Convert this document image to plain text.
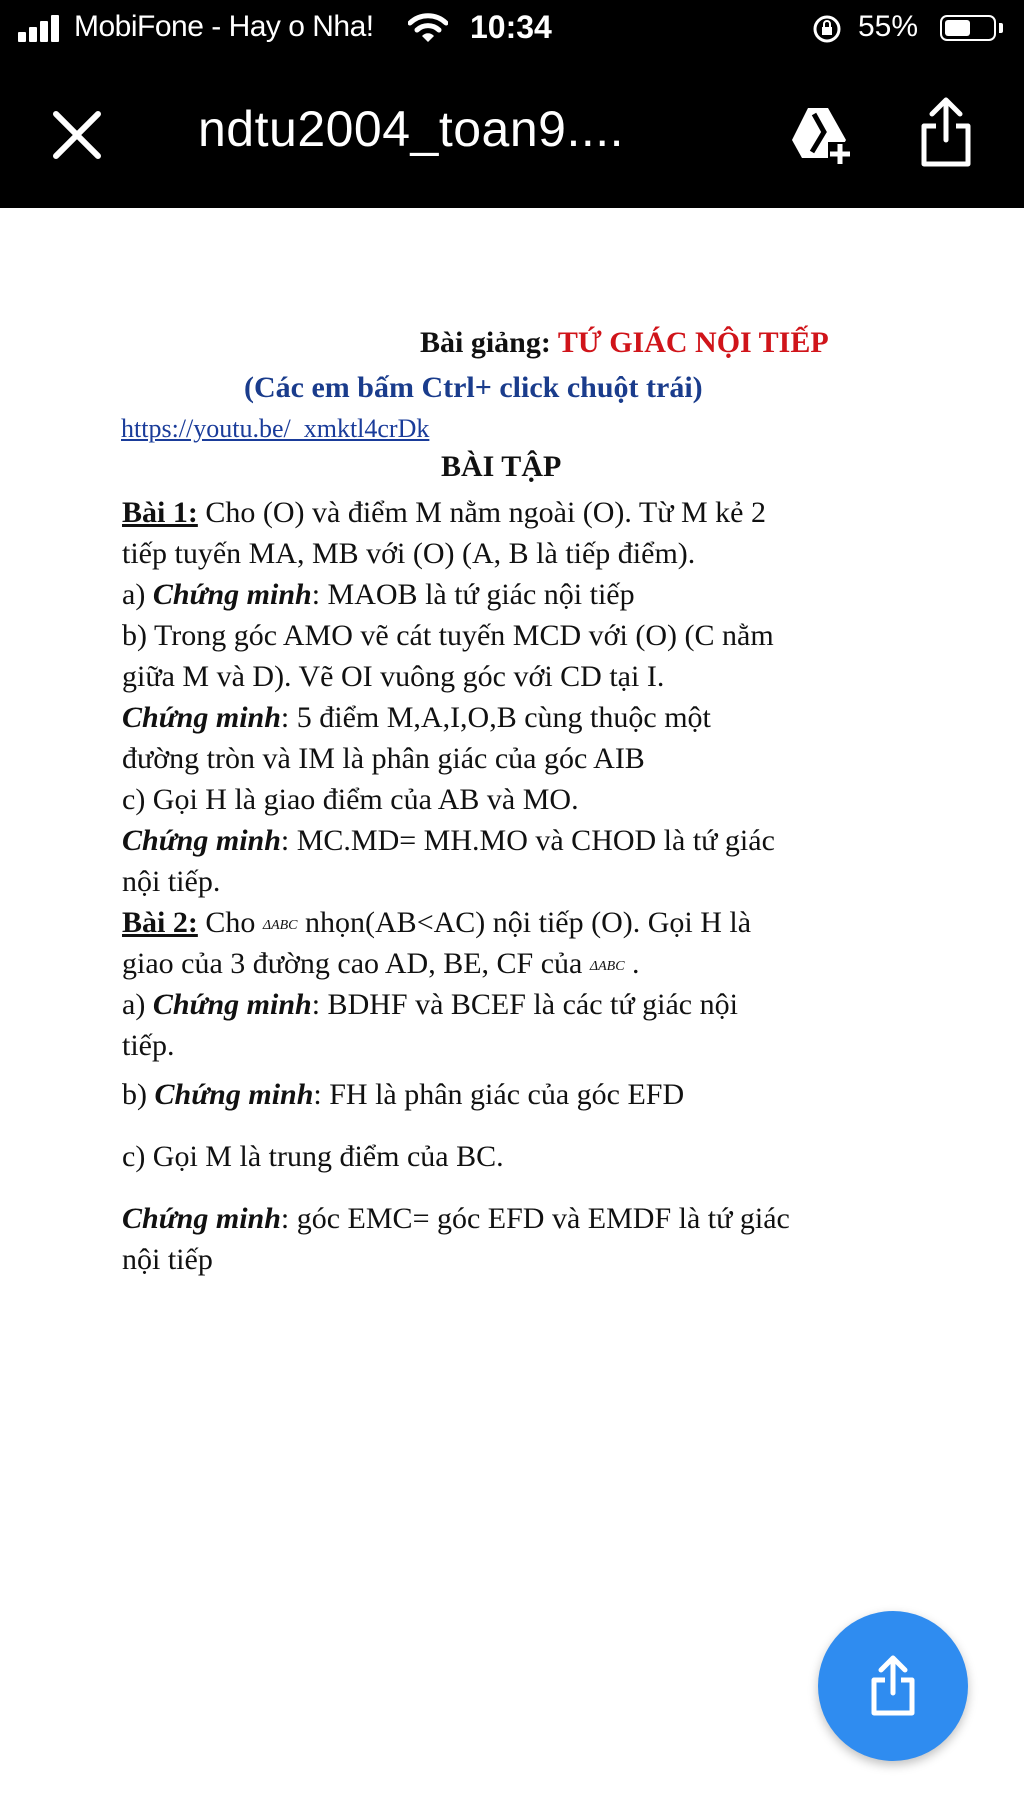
MobiFone - Hay o Nha!	10:34	55%
ndtu2004_toan9....
Bài giảng: TỨ GIÁC NỘI TIẾP
(Các em bấm Ctrl+ click chuột trái)
https://youtu.be/_xmktl4crDk
BÀI TẬP
Bài 1: Cho (O) và điểm M nằm ngoài (O). Từ M kẻ 2
tiếp tuyến MA, MB với (O) (A, B là tiếp điểm).
a) Chứng minh: MAOB là tứ giác nội tiếp
b) Trong góc AMO vẽ cát tuyến MCD với (O) (C nằm
giữa M và D). Vẽ OI vuông góc với CD tại I.
Chứng minh: 5 điểm M,A,I,O,B cùng thuộc một
đường tròn và IM là phân giác của góc AIB
c) Gọi H là giao điểm của AB và MO.
Chứng minh: MC.MD= MH.MO và CHOD là tứ giác
nội tiếp.
Bài 2: Cho ΔABC nhọn(AB<AC) nội tiếp (O). Gọi H là
giao của 3 đường cao AD, BE, CF của ΔABC .
a) Chứng minh: BDHF và BCEF là các tứ giác nội
tiếp.
b) Chứng minh: FH là phân giác của góc EFD
c) Gọi M là trung điểm của BC.
Chứng minh: góc EMC= góc EFD và EMDF là tứ giác
nội tiếp
